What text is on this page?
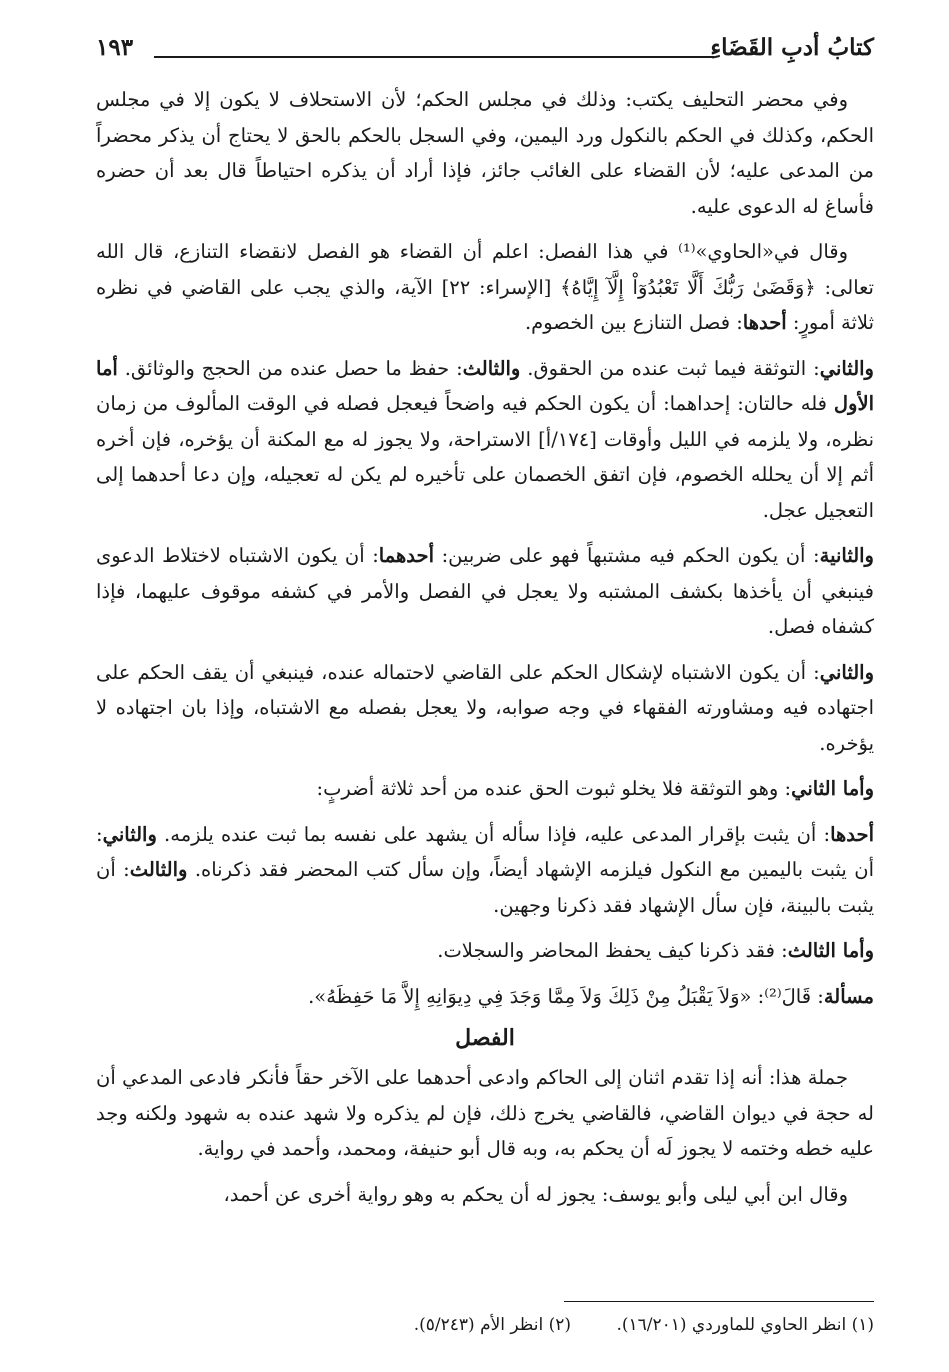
كتابُ أدبِ القَضَاءِ
١٩٣

وفي محضر التحليف يكتب: وذلك في مجلس الحكم؛ لأن الاستحلاف لا يكون إلا في مجلس الحكم، وكذلك في الحكم بالنكول ورد اليمين، وفي السجل بالحكم بالحق لا يحتاج أن يذكر محضراً من المدعى عليه؛ لأن القضاء على الغائب جائز، فإذا أراد أن يذكره احتياطاً قال بعد أن حضره فأساغ له الدعوى عليه.

وقال في«الحاوي»⁽¹⁾ في هذا الفصل: اعلم أن القضاء هو الفصل لانقضاء التنازع، قال الله تعالى: ﴿وَقَضَىٰ رَبُّكَ أَلَّا تَعْبُدُوٓاْ إِلَّآ إِيَّاهُ﴾ [الإسراء: ٢٢] الآية، والذي يجب على القاضي في نظره ثلاثة أمورٍ: أحدها: فصل التنازع بين الخصوم.

والثاني: التوثقة فيما ثبت عنده من الحقوق. والثالث: حفظ ما حصل عنده من الحجج والوثائق. أما الأول فله حالتان: إحداهما: أن يكون الحكم فيه واضحاً فيعجل فصله في الوقت المألوف من زمان نظره، ولا يلزمه في الليل وأوقات [١٧٤/أ] الاستراحة، ولا يجوز له مع المكنة أن يؤخره، فإن أخره أثم إلا أن يحلله الخصوم، فإن اتفق الخصمان على تأخيره لم يكن له تعجيله، وإن دعا أحدهما إلى التعجيل عجل.

والثانية: أن يكون الحكم فيه مشتبهاً فهو على ضربين: أحدهما: أن يكون الاشتباه لاختلاط الدعوى فينبغي أن يأخذها بكشف المشتبه ولا يعجل في الفصل والأمر في كشفه موقوف عليهما، فإذا كشفاه فصل.

والثاني: أن يكون الاشتباه لإشكال الحكم على القاضي لاحتماله عنده، فينبغي أن يقف الحكم على اجتهاده فيه ومشاورته الفقهاء في وجه صوابه، ولا يعجل بفصله مع الاشتباه، وإذا بان اجتهاده لا يؤخره.

وأما الثاني: وهو التوثقة فلا يخلو ثبوت الحق عنده من أحد ثلاثة أضربٍ:

أحدها: أن يثبت بإقرار المدعى عليه، فإذا سأله أن يشهد على نفسه بما ثبت عنده يلزمه. والثاني: أن يثبت باليمين مع النكول فيلزمه الإشهاد أيضاً، وإن سأل كتب المحضر فقد ذكرناه. والثالث: أن يثبت بالبينة، فإن سأل الإشهاد فقد ذكرنا وجهين.

وأما الثالث: فقد ذكرنا كيف يحفظ المحاضر والسجلات.

مسألة: قَالَ⁽²⁾: «وَلاَ يَقْبَلُ مِنْ ذَلِكَ وَلاَ مِمَّا وَجَدَ فِي دِيوَانِهِ إِلاَّ مَا حَفِظَهُ».

الفصل

جملة هذا: أنه إذا تقدم اثنان إلى الحاكم وادعى أحدهما على الآخر حقاً فأنكر فادعى المدعي أن له حجة في ديوان القاضي، فالقاضي يخرج ذلك، فإن لم يذكره ولا شهد عنده به شهود ولكنه وجد عليه خطه وختمه لا يجوز لَه أن يحكم به، وبه قال أبو حنيفة، ومحمد، وأحمد في رواية.

وقال ابن أبي ليلى وأبو يوسف: يجوز له أن يحكم به وهو رواية أخرى عن أحمد،

(١) انظر الحاوي للماوردي (١٦/٢٠١). (٢) انظر الأم (٥/٢٤٣).
